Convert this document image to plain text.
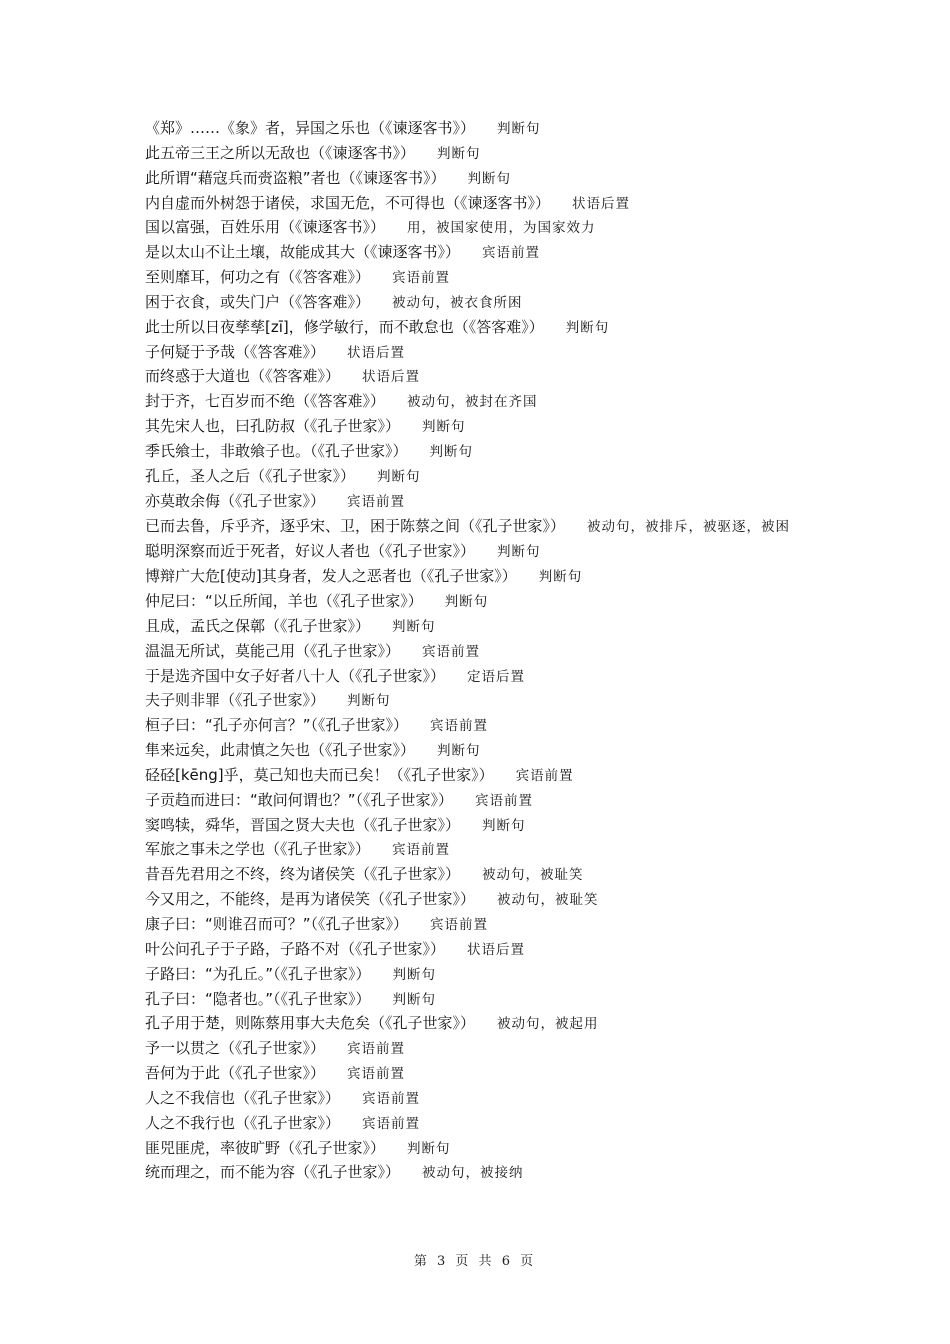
《郑》……《象》者，异国之乐也（《谏逐客书》） 判断句
此五帝三王之所以无敌也（《谏逐客书》） 判断句
此所谓“藉寇兵而赍盗粮”者也（《谏逐客书》） 判断句
内自虚而外树怨于诸侯，求国无危，不可得也（《谏逐客书》） 状语后置
国以富强，百姓乐用（《谏逐客书》） 用，被国家使用，为国家效力
是以太山不让土壤，故能成其大（《谏逐客书》） 宾语前置
至则靡耳，何功之有（《答客难》） 宾语前置
困于衣食，或失门户（《答客难》） 被动句，被衣食所困
此士所以日夜孳孳[zī]，修学敏行，而不敢怠也（《答客难》） 判断句
子何疑于予哉（《答客难》） 状语后置
而终惑于大道也（《答客难》） 状语后置
封于齐，七百岁而不绝（《答客难》） 被动句，被封在齐国
其先宋人也，曰孔防叔（《孔子世家》） 判断句
季氏飨士，非敢飨子也。（《孔子世家》） 判断句
孔丘，圣人之后（《孔子世家》） 判断句
亦莫敢余侮（《孔子世家》） 宾语前置
已而去鲁，斥乎齐，逐乎宋、卫，困于陈蔡之间（《孔子世家》） 被动句，被排斥，被驱逐，被困
聪明深察而近于死者，好议人者也（《孔子世家》） 判断句
博辩广大危[使动]其身者，发人之恶者也（《孔子世家》） 判断句
仲尼曰：“以丘所闻，羊也（《孔子世家》） 判断句
且成，孟氏之保鄣（《孔子世家》） 判断句
温温无所试，莫能己用（《孔子世家》） 宾语前置
于是选齐国中女子好者八十人（《孔子世家》） 定语后置
夫子则非罪（《孔子世家》） 判断句
桓子曰：“孔子亦何言？”（《孔子世家》） 宾语前置
隼来远矣，此肃慎之矢也（《孔子世家》） 判断句
硁硁[kēng]乎，莫己知也夫而已矣！（《孔子世家》） 宾语前置
子贡趋而进曰：“敢问何谓也？”（《孔子世家》） 宾语前置
窦鸣犊，舜华，晋国之贤大夫也（《孔子世家》） 判断句
军旅之事未之学也（《孔子世家》） 宾语前置
昔吾先君用之不终，终为诸侯笑（《孔子世家》） 被动句，被耻笑
今又用之，不能终，是再为诸侯笑（《孔子世家》） 被动句，被耻笑
康子曰：“则谁召而可？”（《孔子世家》） 宾语前置
叶公问孔子于子路，子路不对（《孔子世家》） 状语后置
子路曰：“为孔丘。”（《孔子世家》） 判断句
孔子曰：“隐者也。”（《孔子世家》） 判断句
孔子用于楚，则陈蔡用事大夫危矣（《孔子世家》） 被动句，被起用
予一以贯之（《孔子世家》） 宾语前置
吾何为于此（《孔子世家》） 宾语前置
人之不我信也（《孔子世家》） 宾语前置
人之不我行也（《孔子世家》） 宾语前置
匪兕匪虎，率彼旷野（《孔子世家》） 判断句
统而理之，而不能为容（《孔子世家》） 被动句，被接纳
第 3 页 共 6 页
